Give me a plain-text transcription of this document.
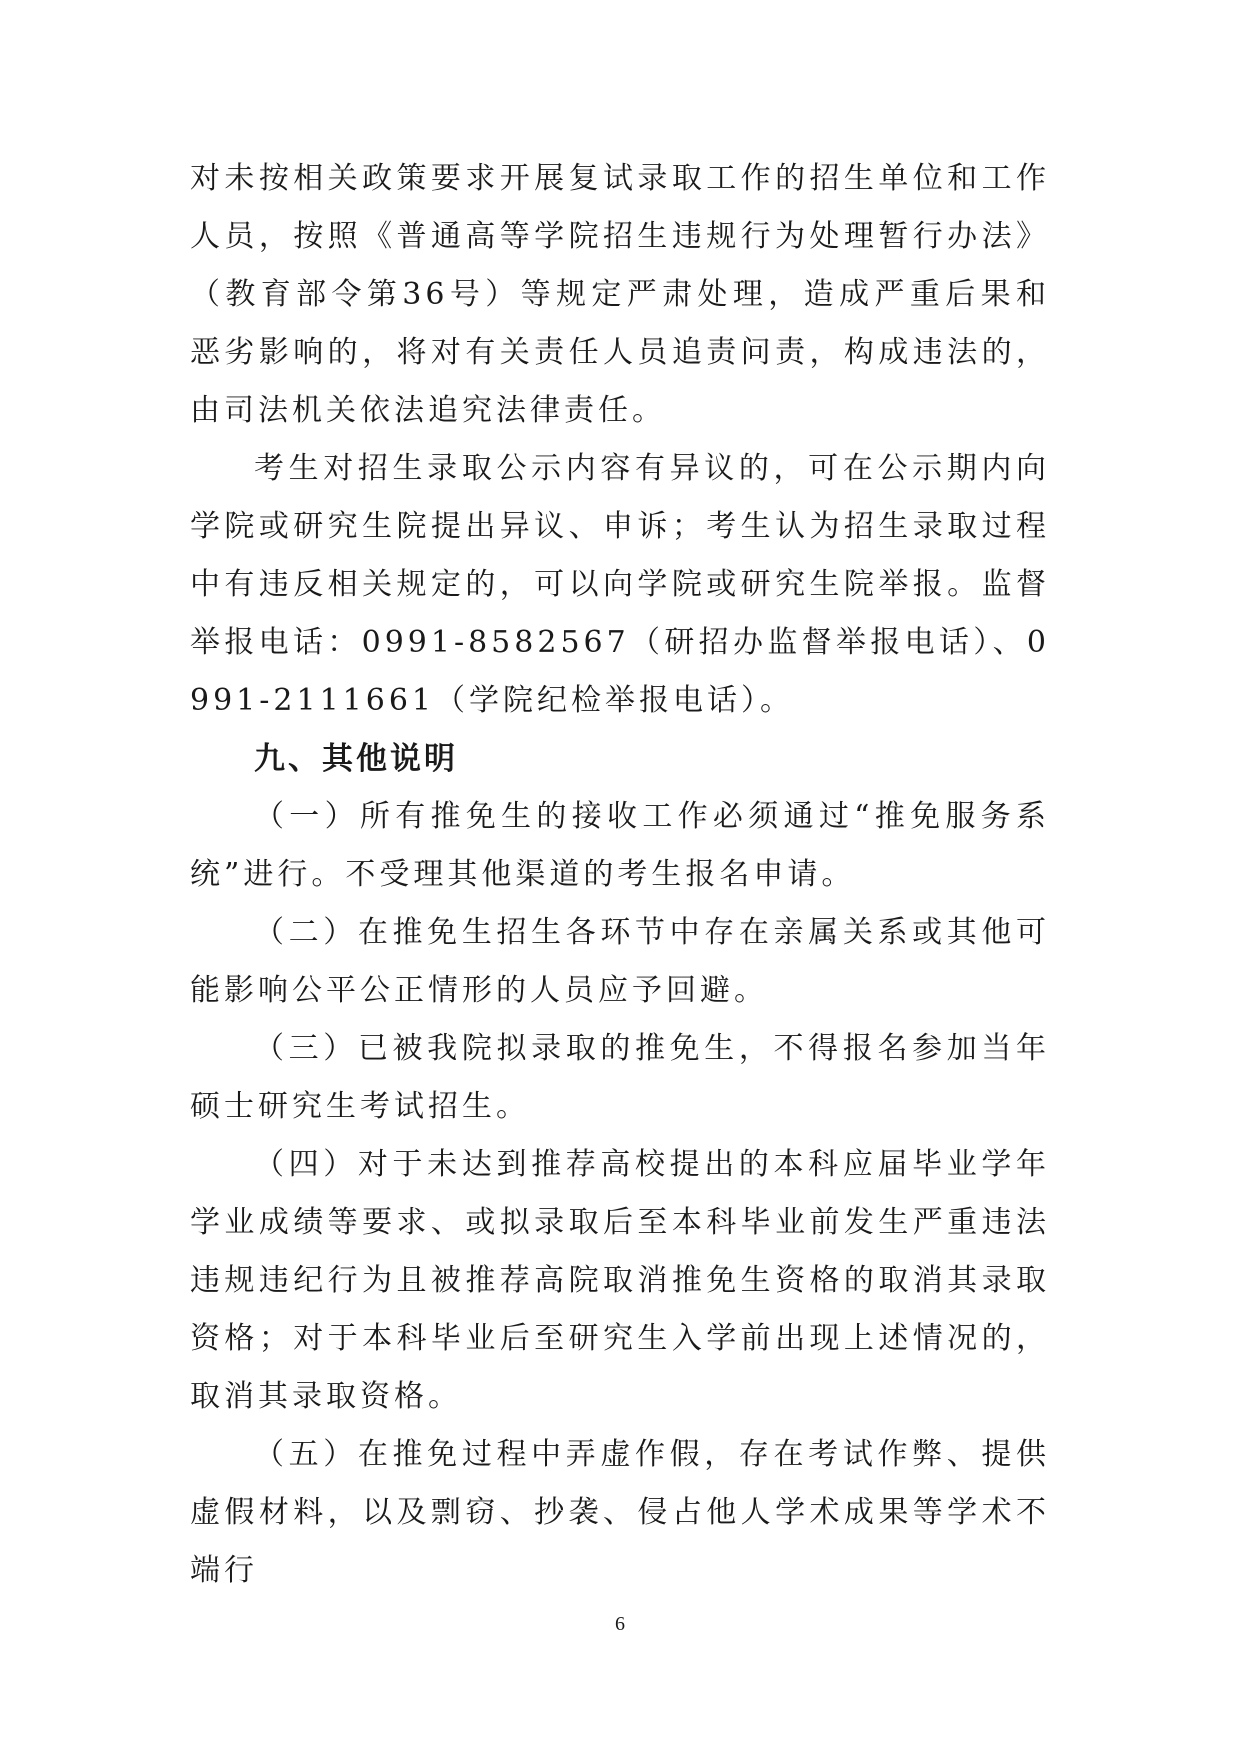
对未按相关政策要求开展复试录取工作的招生单位和工作人员，按照《普通高等学院招生违规行为处理暂行办法》（教育部令第36号）等规定严肃处理，造成严重后果和恶劣影响的，将对有关责任人员追责问责，构成违法的，由司法机关依法追究法律责任。

考生对招生录取公示内容有异议的，可在公示期内向学院或研究生院提出异议、申诉；考生认为招生录取过程中有违反相关规定的，可以向学院或研究生院举报。监督举报电话：0991-8582567（研招办监督举报电话）、0991-2111661（学院纪检举报电话）。

九、其他说明

（一）所有推免生的接收工作必须通过“推免服务系统”进行。不受理其他渠道的考生报名申请。

（二）在推免生招生各环节中存在亲属关系或其他可能影响公平公正情形的人员应予回避。

（三）已被我院拟录取的推免生，不得报名参加当年硕士研究生考试招生。

（四）对于未达到推荐高校提出的本科应届毕业学年学业成绩等要求、或拟录取后至本科毕业前发生严重违法违规违纪行为且被推荐高院取消推免生资格的取消其录取资格；对于本科毕业后至研究生入学前出现上述情况的，取消其录取资格。

（五）在推免过程中弄虚作假，存在考试作弊、提供虚假材料，以及剽窃、抄袭、侵占他人学术成果等学术不端行

6
